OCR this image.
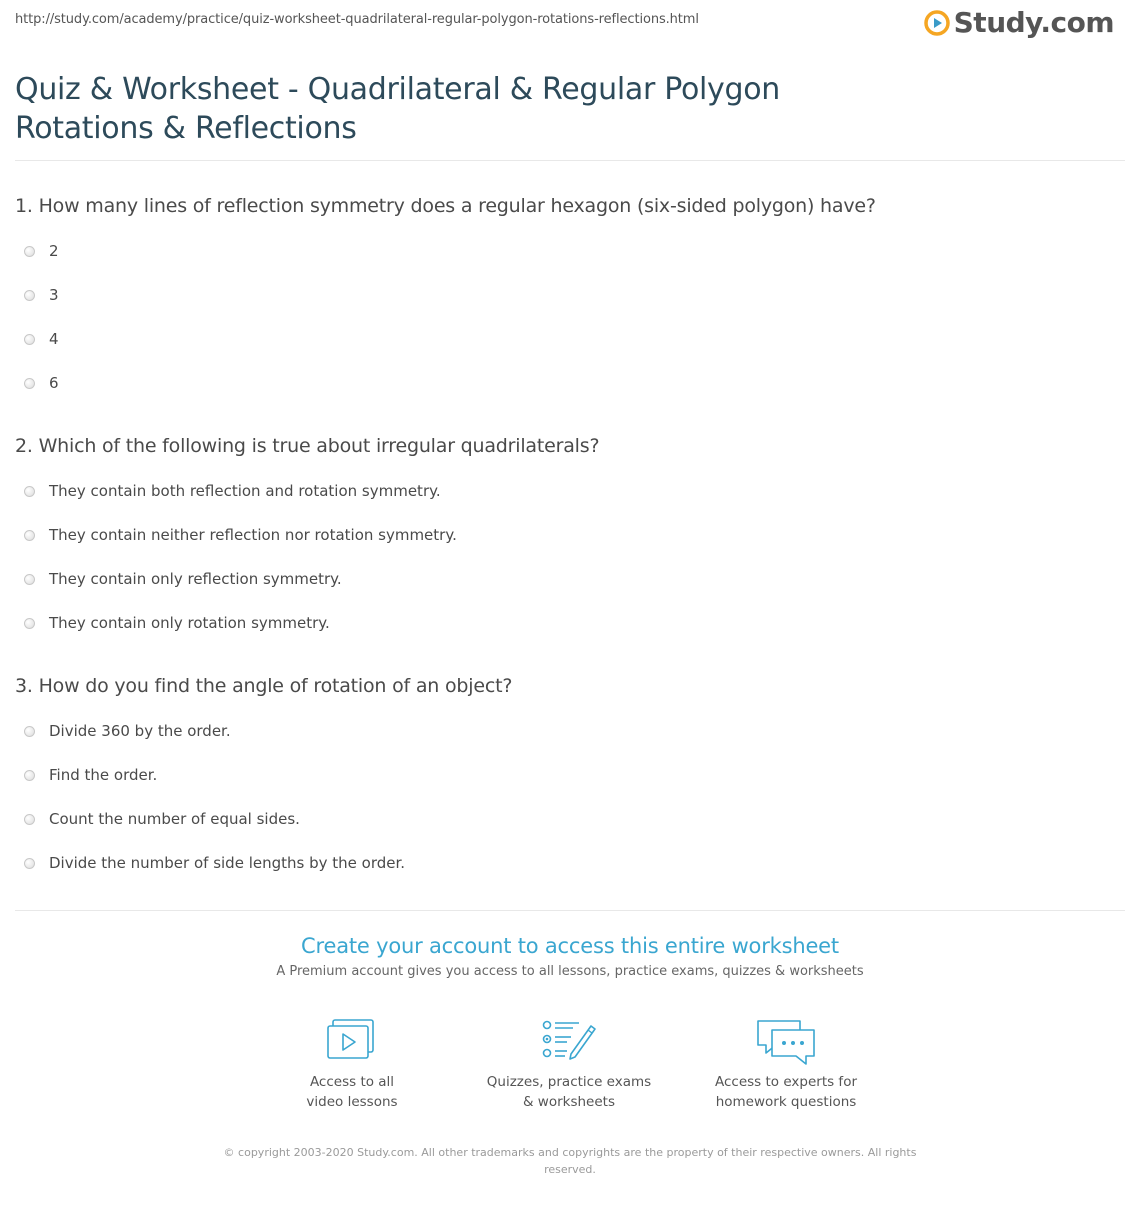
http://study.com/academy/practice/quiz-worksheet-quadrilateral-regular-polygon-rotations-reflections.html	Study.com
Quiz & Worksheet - Quadrilateral & Regular Polygon Rotations & Reflections
1. How many lines of reflection symmetry does a regular hexagon (six-sided polygon) have?
2
3
4
6
2. Which of the following is true about irregular quadrilaterals?
They contain both reflection and rotation symmetry.
They contain neither reflection nor rotation symmetry.
They contain only reflection symmetry.
They contain only rotation symmetry.
3. How do you find the angle of rotation of an object?
Divide 360 by the order.
Find the order.
Count the number of equal sides.
Divide the number of side lengths by the order.
Create your account to access this entire worksheet
A Premium account gives you access to all lessons, practice exams, quizzes & worksheets
Access to all
video lessons
Quizzes, practice exams
& worksheets
Access to experts for
homework questions
© copyright 2003-2020 Study.com. All other trademarks and copyrights are the property of their respective owners. All rights reserved.
